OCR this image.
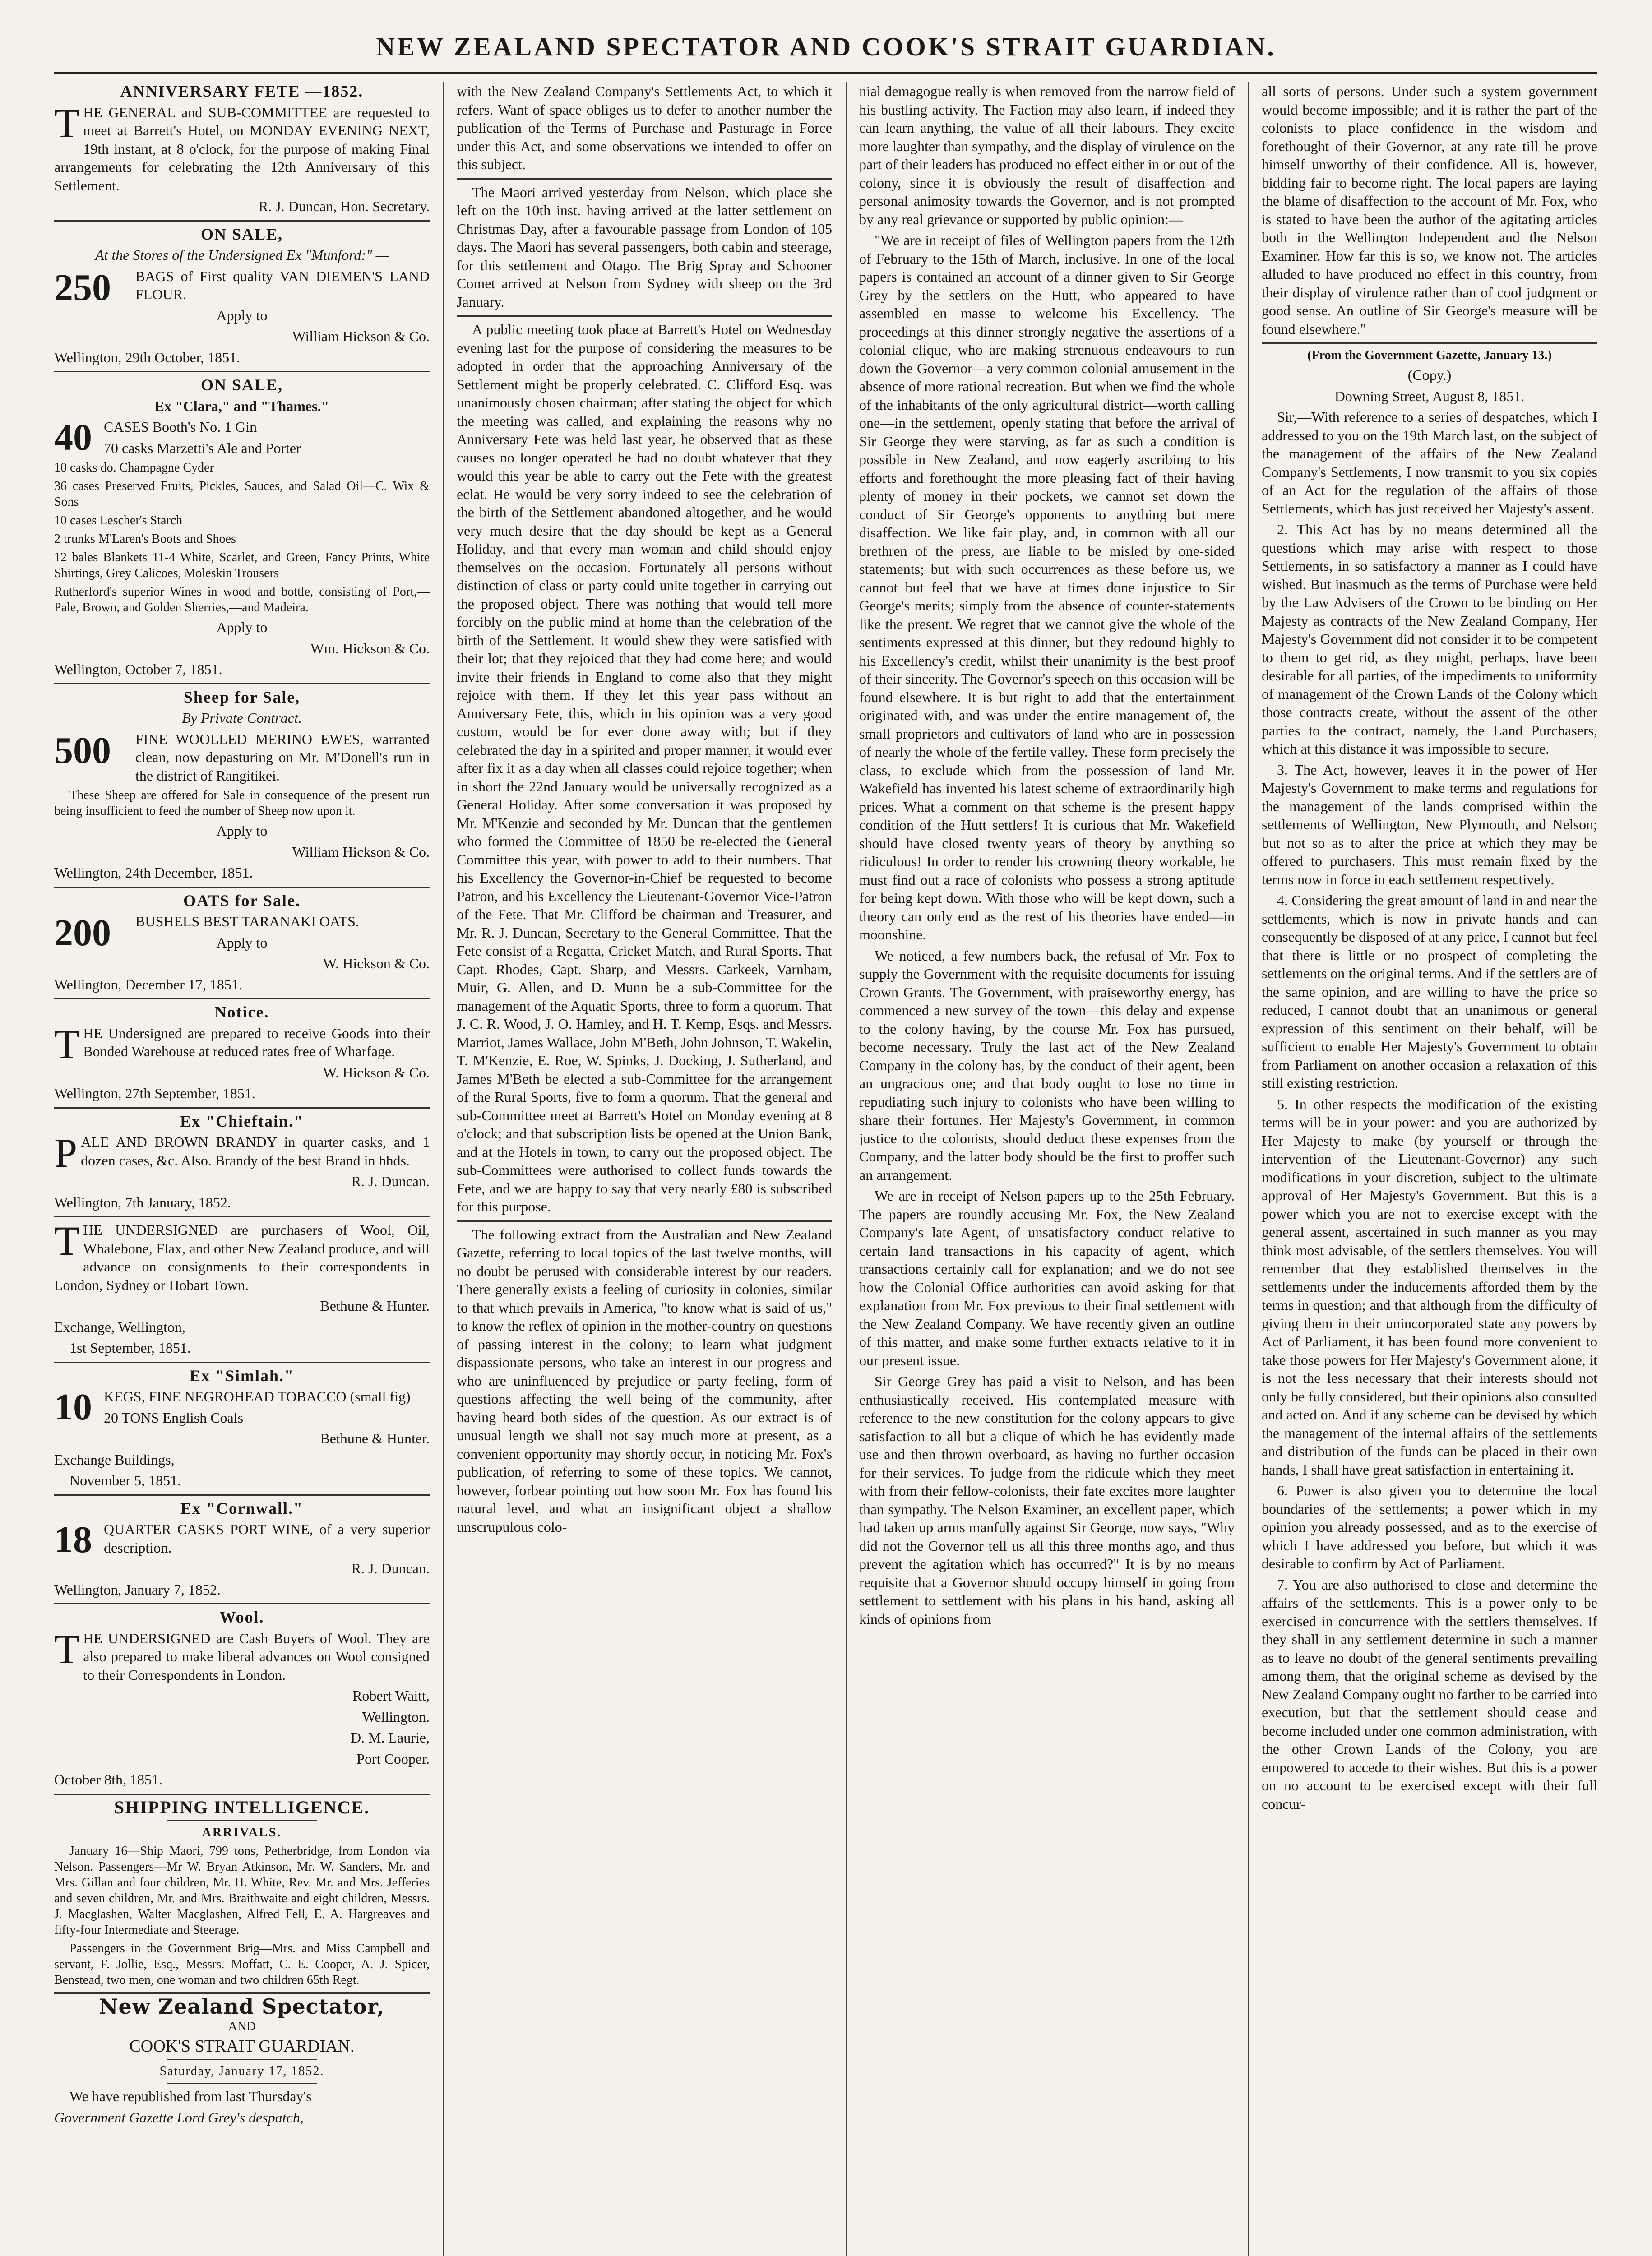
NEW ZEALAND SPECTATOR AND COOK'S STRAIT GUARDIAN.

ANNIVERSARY FETE —1852.

THE GENERAL and SUB-COMMITTEE are requested to meet at Barrett's Hotel, on MONDAY EVENING NEXT, 19th instant, at 8 o'clock, for the purpose of making Final arrangements for celebrating the 12th Anniversary of this Settlement.

R. J. Duncan, Hon. Secretary.

ON SALE,

At the Stores of the Undersigned Ex "Munford:" —

250 BAGS of First quality VAN DIEMEN'S LAND FLOUR.

Apply to

William Hickson & Co.

Wellington, 29th October, 1851.

ON SALE,

Ex "Clara," and "Thames."

40 CASES Booth's No. 1 Gin

70 casks Marzetti's Ale and Porter

10 casks do. Champagne Cyder

36 cases Preserved Fruits, Pickles, Sauces, and Salad Oil—C. Wix & Sons

10 cases Lescher's Starch

2 trunks M'Laren's Boots and Shoes

12 bales Blankets 11-4 White, Scarlet, and Green, Fancy Prints, White Shirtings, Grey Calicoes, Moleskin Trousers

Rutherford's superior Wines in wood and bottle, consisting of Port,—Pale, Brown, and Golden Sherries,—and Madeira.

Apply to

Wm. Hickson & Co.

Wellington, October 7, 1851.

Sheep for Sale,

By Private Contract.

500 FINE WOOLLED MERINO EWES, warranted clean, now depasturing on Mr. M'Donell's run in the district of Rangitikei.

These Sheep are offered for Sale in consequence of the present run being insufficient to feed the number of Sheep now upon it.

Apply to

William Hickson & Co.

Wellington, 24th December, 1851.

OATS for Sale.

200 BUSHELS BEST TARANAKI OATS.

Apply to

W. Hickson & Co.

Wellington, December 17, 1851.

Notice.

THE Undersigned are prepared to receive Goods into their Bonded Warehouse at reduced rates free of Wharfage.

W. Hickson & Co.

Wellington, 27th September, 1851.

Ex "Chieftain."

PALE AND BROWN BRANDY in quarter casks, and 1 dozen cases, &c. Also. Brandy of the best Brand in hhds.

R. J. Duncan.

Wellington, 7th January, 1852.

THE UNDERSIGNED are purchasers of Wool, Oil, Whalebone, Flax, and other New Zealand produce, and will advance on consignments to their correspondents in London, Sydney or Hobart Town.

Bethune & Hunter.

Exchange, Wellington,

1st September, 1851.

Ex "Simlah."

10 KEGS, FINE NEGROHEAD TOBACCO (small fig)

20 TONS English Coals

Bethune & Hunter.

Exchange Buildings,

November 5, 1851.

Ex "Cornwall."

18 QUARTER CASKS PORT WINE, of a very superior description.

R. J. Duncan.

Wellington, January 7, 1852.

Wool.

THE UNDERSIGNED are Cash Buyers of Wool. They are also prepared to make liberal advances on Wool consigned to their Correspondents in London.

Robert Waitt,

Wellington.

D. M. Laurie,

Port Cooper.

October 8th, 1851.

SHIPPING INTELLIGENCE.

ARRIVALS.

January 16—Ship Maori, 799 tons, Petherbridge, from London via Nelson. Passengers—Mr W. Bryan Atkinson, Mr. W. Sanders, Mr. and Mrs. Gillan and four children, Mr. H. White, Rev. Mr. and Mrs. Jefferies and seven children, Mr. and Mrs. Braithwaite and eight children, Messrs. J. Macglashen, Walter Macglashen, Alfred Fell, E. A. Hargreaves and fifty-four Intermediate and Steerage.

Passengers in the Government Brig—Mrs. and Miss Campbell and servant, F. Jollie, Esq., Messrs. Moffatt, C. E. Cooper, A. J. Spicer, Benstead, two men, one woman and two children 65th Regt.

New Zealand Spectator,

AND

COOK'S STRAIT GUARDIAN.

Saturday, January 17, 1852.

We have republished from last Thursday's

Government Gazette Lord Grey's despatch,

with the New Zealand Company's Settlements Act, to which it refers. Want of space obliges us to defer to another number the publication of the Terms of Purchase and Pasturage in Force under this Act, and some observations we intended to offer on this subject.

The Maori arrived yesterday from Nelson, which place she left on the 10th inst. having arrived at the latter settlement on Christmas Day, after a favourable passage from London of 105 days. The Maori has several passengers, both cabin and steerage, for this settlement and Otago. The Brig Spray and Schooner Comet arrived at Nelson from Sydney with sheep on the 3rd January.

A public meeting took place at Barrett's Hotel on Wednesday evening last for the purpose of considering the measures to be adopted in order that the approaching Anniversary of the Settlement might be properly celebrated. C. Clifford Esq. was unanimously chosen chairman; after stating the object for which the meeting was called, and explaining the reasons why no Anniversary Fete was held last year, he observed that as these causes no longer operated he had no doubt whatever that they would this year be able to carry out the Fete with the greatest eclat. He would be very sorry indeed to see the celebration of the birth of the Settlement abandoned altogether, and he would very much desire that the day should be kept as a General Holiday, and that every man woman and child should enjoy themselves on the occasion. Fortunately all persons without distinction of class or party could unite together in carrying out the proposed object. There was nothing that would tell more forcibly on the public mind at home than the celebration of the birth of the Settlement. It would shew they were satisfied with their lot; that they rejoiced that they had come here; and would invite their friends in England to come also that they might rejoice with them. If they let this year pass without an Anniversary Fete, this, which in his opinion was a very good custom, would be for ever done away with; but if they celebrated the day in a spirited and proper manner, it would ever after fix it as a day when all classes could rejoice together; when in short the 22nd January would be universally recognized as a General Holiday. After some conversation it was proposed by Mr. M'Kenzie and seconded by Mr. Duncan that the gentlemen who formed the Committee of 1850 be re-elected the General Committee this year, with power to add to their numbers. That his Excellency the Governor-in-Chief be requested to become Patron, and his Excellency the Lieutenant-Governor Vice-Patron of the Fete. That Mr. Clifford be chairman and Treasurer, and Mr. R. J. Duncan, Secretary to the General Committee. That the Fete consist of a Regatta, Cricket Match, and Rural Sports. That Capt. Rhodes, Capt. Sharp, and Messrs. Carkeek, Varnham, Muir, G. Allen, and D. Munn be a sub-Committee for the management of the Aquatic Sports, three to form a quorum. That J. C. R. Wood, J. O. Hamley, and H. T. Kemp, Esqs. and Messrs. Marriot, James Wallace, John M'Beth, John Johnson, T. Wakelin, T. M'Kenzie, E. Roe, W. Spinks, J. Docking, J. Sutherland, and James M'Beth be elected a sub-Committee for the arrangement of the Rural Sports, five to form a quorum. That the general and sub-Committee meet at Barrett's Hotel on Monday evening at 8 o'clock; and that subscription lists be opened at the Union Bank, and at the Hotels in town, to carry out the proposed object. The sub-Committees were authorised to collect funds towards the Fete, and we are happy to say that very nearly £80 is subscribed for this purpose.

The following extract from the Australian and New Zealand Gazette, referring to local topics of the last twelve months, will no doubt be perused with considerable interest by our readers. There generally exists a feeling of curiosity in colonies, similar to that which prevails in America, "to know what is said of us," to know the reflex of opinion in the mother-country on questions of passing interest in the colony; to learn what judgment dispassionate persons, who take an interest in our progress and who are uninfluenced by prejudice or party feeling, form of questions affecting the well being of the community, after having heard both sides of the question. As our extract is of unusual length we shall not say much more at present, as a convenient opportunity may shortly occur, in noticing Mr. Fox's publication, of referring to some of these topics. We cannot, however, forbear pointing out how soon Mr. Fox has found his natural level, and what an insignificant object a shallow unscrupulous colo-

nial demagogue really is when removed from the narrow field of his bustling activity. The Faction may also learn, if indeed they can learn anything, the value of all their labours. They excite more laughter than sympathy, and the display of virulence on the part of their leaders has produced no effect either in or out of the colony, since it is obviously the result of disaffection and personal animosity towards the Governor, and is not prompted by any real grievance or supported by public opinion:—

"We are in receipt of files of Wellington papers from the 12th of February to the 15th of March, inclusive. In one of the local papers is contained an account of a dinner given to Sir George Grey by the settlers on the Hutt, who appeared to have assembled en masse to welcome his Excellency. The proceedings at this dinner strongly negative the assertions of a colonial clique, who are making strenuous endeavours to run down the Governor—a very common colonial amusement in the absence of more rational recreation. But when we find the whole of the inhabitants of the only agricultural district—worth calling one—in the settlement, openly stating that before the arrival of Sir George they were starving, as far as such a condition is possible in New Zealand, and now eagerly ascribing to his efforts and forethought the more pleasing fact of their having plenty of money in their pockets, we cannot set down the conduct of Sir George's opponents to anything but mere disaffection. We like fair play, and, in common with all our brethren of the press, are liable to be misled by one-sided statements; but with such occurrences as these before us, we cannot but feel that we have at times done injustice to Sir George's merits; simply from the absence of counter-statements like the present. We regret that we cannot give the whole of the sentiments expressed at this dinner, but they redound highly to his Excellency's credit, whilst their unanimity is the best proof of their sincerity. The Governor's speech on this occasion will be found elsewhere. It is but right to add that the entertainment originated with, and was under the entire management of, the small proprietors and cultivators of land who are in possession of nearly the whole of the fertile valley. These form precisely the class, to exclude which from the possession of land Mr. Wakefield has invented his latest scheme of extraordinarily high prices. What a comment on that scheme is the present happy condition of the Hutt settlers! It is curious that Mr. Wakefield should have closed twenty years of theory by anything so ridiculous! In order to render his crowning theory workable, he must find out a race of colonists who possess a strong aptitude for being kept down. With those who will be kept down, such a theory can only end as the rest of his theories have ended—in moonshine.

We noticed, a few numbers back, the refusal of Mr. Fox to supply the Government with the requisite documents for issuing Crown Grants. The Government, with praiseworthy energy, has commenced a new survey of the town—this delay and expense to the colony having, by the course Mr. Fox has pursued, become necessary. Truly the last act of the New Zealand Company in the colony has, by the conduct of their agent, been an ungracious one; and that body ought to lose no time in repudiating such injury to colonists who have been willing to share their fortunes. Her Majesty's Government, in common justice to the colonists, should deduct these expenses from the Company, and the latter body should be the first to proffer such an arrangement.

We are in receipt of Nelson papers up to the 25th February. The papers are roundly accusing Mr. Fox, the New Zealand Company's late Agent, of unsatisfactory conduct relative to certain land transactions in his capacity of agent, which transactions certainly call for explanation; and we do not see how the Colonial Office authorities can avoid asking for that explanation from Mr. Fox previous to their final settlement with the New Zealand Company. We have recently given an outline of this matter, and make some further extracts relative to it in our present issue.

Sir George Grey has paid a visit to Nelson, and has been enthusiastically received. His contemplated measure with reference to the new constitution for the colony appears to give satisfaction to all but a clique of which he has evidently made use and then thrown overboard, as having no further occasion for their services. To judge from the ridicule which they meet with from their fellow-colonists, their fate excites more laughter than sympathy. The Nelson Examiner, an excellent paper, which had taken up arms manfully against Sir George, now says, "Why did not the Governor tell us all this three months ago, and thus prevent the agitation which has occurred?" It is by no means requisite that a Governor should occupy himself in going from settlement to settlement with his plans in his hand, asking all kinds of opinions from

all sorts of persons. Under such a system government would become impossible; and it is rather the part of the colonists to place confidence in the wisdom and forethought of their Governor, at any rate till he prove himself unworthy of their confidence. All is, however, bidding fair to become right. The local papers are laying the blame of disaffection to the account of Mr. Fox, who is stated to have been the author of the agitating articles both in the Wellington Independent and the Nelson Examiner. How far this is so, we know not. The articles alluded to have produced no effect in this country, from their display of virulence rather than of cool judgment or good sense. An outline of Sir George's measure will be found elsewhere."

(From the Government Gazette, January 13.)

(Copy.)

Downing Street, August 8, 1851.

Sir,—With reference to a series of despatches, which I addressed to you on the 19th March last, on the subject of the management of the affairs of the New Zealand Company's Settlements, I now transmit to you six copies of an Act for the regulation of the affairs of those Settlements, which has just received her Majesty's assent.

2. This Act has by no means determined all the questions which may arise with respect to those Settlements, in so satisfactory a manner as I could have wished. But inasmuch as the terms of Purchase were held by the Law Advisers of the Crown to be binding on Her Majesty as contracts of the New Zealand Company, Her Majesty's Government did not consider it to be competent to them to get rid, as they might, perhaps, have been desirable for all parties, of the impediments to uniformity of management of the Crown Lands of the Colony which those contracts create, without the assent of the other parties to the contract, namely, the Land Purchasers, which at this distance it was impossible to secure.

3. The Act, however, leaves it in the power of Her Majesty's Government to make terms and regulations for the management of the lands comprised within the settlements of Wellington, New Plymouth, and Nelson; but not so as to alter the price at which they may be offered to purchasers. This must remain fixed by the terms now in force in each settlement respectively.

4. Considering the great amount of land in and near the settlements, which is now in private hands and can consequently be disposed of at any price, I cannot but feel that there is little or no prospect of completing the settlements on the original terms. And if the settlers are of the same opinion, and are willing to have the price so reduced, I cannot doubt that an unanimous or general expression of this sentiment on their behalf, will be sufficient to enable Her Majesty's Government to obtain from Parliament on another occasion a relaxation of this still existing restriction.

5. In other respects the modification of the existing terms will be in your power: and you are authorized by Her Majesty to make (by yourself or through the intervention of the Lieutenant-Governor) any such modifications in your discretion, subject to the ultimate approval of Her Majesty's Government. But this is a power which you are not to exercise except with the general assent, ascertained in such manner as you may think most advisable, of the settlers themselves. You will remember that they established themselves in the settlements under the inducements afforded them by the terms in question; and that although from the difficulty of giving them in their unincorporated state any powers by Act of Parliament, it has been found more convenient to take those powers for Her Majesty's Government alone, it is not the less necessary that their interests should not only be fully considered, but their opinions also consulted and acted on. And if any scheme can be devised by which the management of the internal affairs of the settlements and distribution of the funds can be placed in their own hands, I shall have great satisfaction in entertaining it.

6. Power is also given you to determine the local boundaries of the settlements; a power which in my opinion you already possessed, and as to the exercise of which I have addressed you before, but which it was desirable to confirm by Act of Parliament.

7. You are also authorised to close and determine the affairs of the settlements. This is a power only to be exercised in concurrence with the settlers themselves. If they shall in any settlement determine in such a manner as to leave no doubt of the general sentiments prevailing among them, that the original scheme as devised by the New Zealand Company ought no farther to be carried into execution, but that the settlement should cease and become included under one common administration, with the other Crown Lands of the Colony, you are empowered to accede to their wishes. But this is a power on no account to be exercised except with their full concur-
